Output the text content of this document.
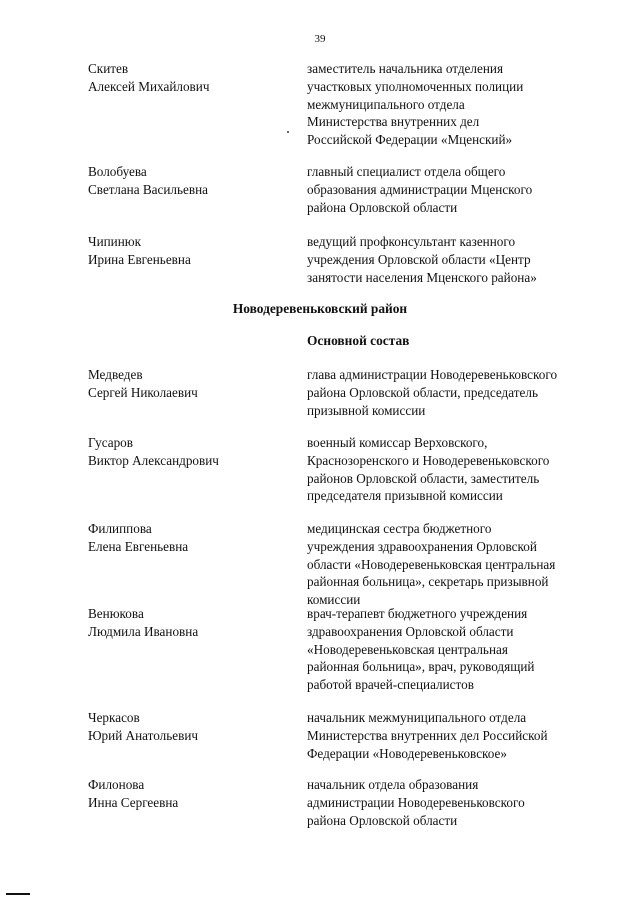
39
Скитев
Алексей Михайлович
заместитель начальника отделения
участковых уполномоченных полиции
межмуниципального отдела
Министерства внутренних дел
Российской Федерации «Мценский»
Волобуева
Светлана Васильевна
главный специалист отдела общего
образования администрации Мценского
района Орловской области
Чипинюк
Ирина Евгеньевна
ведущий профконсультант казенного
учреждения Орловской области «Центр
занятости населения Мценского района»
Новодеревеньковский район
Основной состав
Медведев
Сергей Николаевич
глава администрации Новодеревеньковского
района Орловской области, председатель
призывной комиссии
Гусаров
Виктор Александрович
военный комиссар Верховского,
Краснозоренского и Новодеревеньковского
районов Орловской области, заместитель
председателя призывной комиссии
Филиппова
Елена Евгеньевна
медицинская сестра бюджетного
учреждения здравоохранения Орловской
области «Новодеревеньковская центральная
районная больница», секретарь призывной
комиссии
Венюкова
Людмила Ивановна
врач-терапевт бюджетного учреждения
здравоохранения Орловской области
«Новодеревеньковская центральная
районная больница», врач, руководящий
работой врачей-специалистов
Черкасов
Юрий Анатольевич
начальник межмуниципального отдела
Министерства внутренних дел Российской
Федерации «Новодеревеньковское»
Филонова
Инна Сергеевна
начальник отдела образования
администрации Новодеревеньковского
района Орловской области
